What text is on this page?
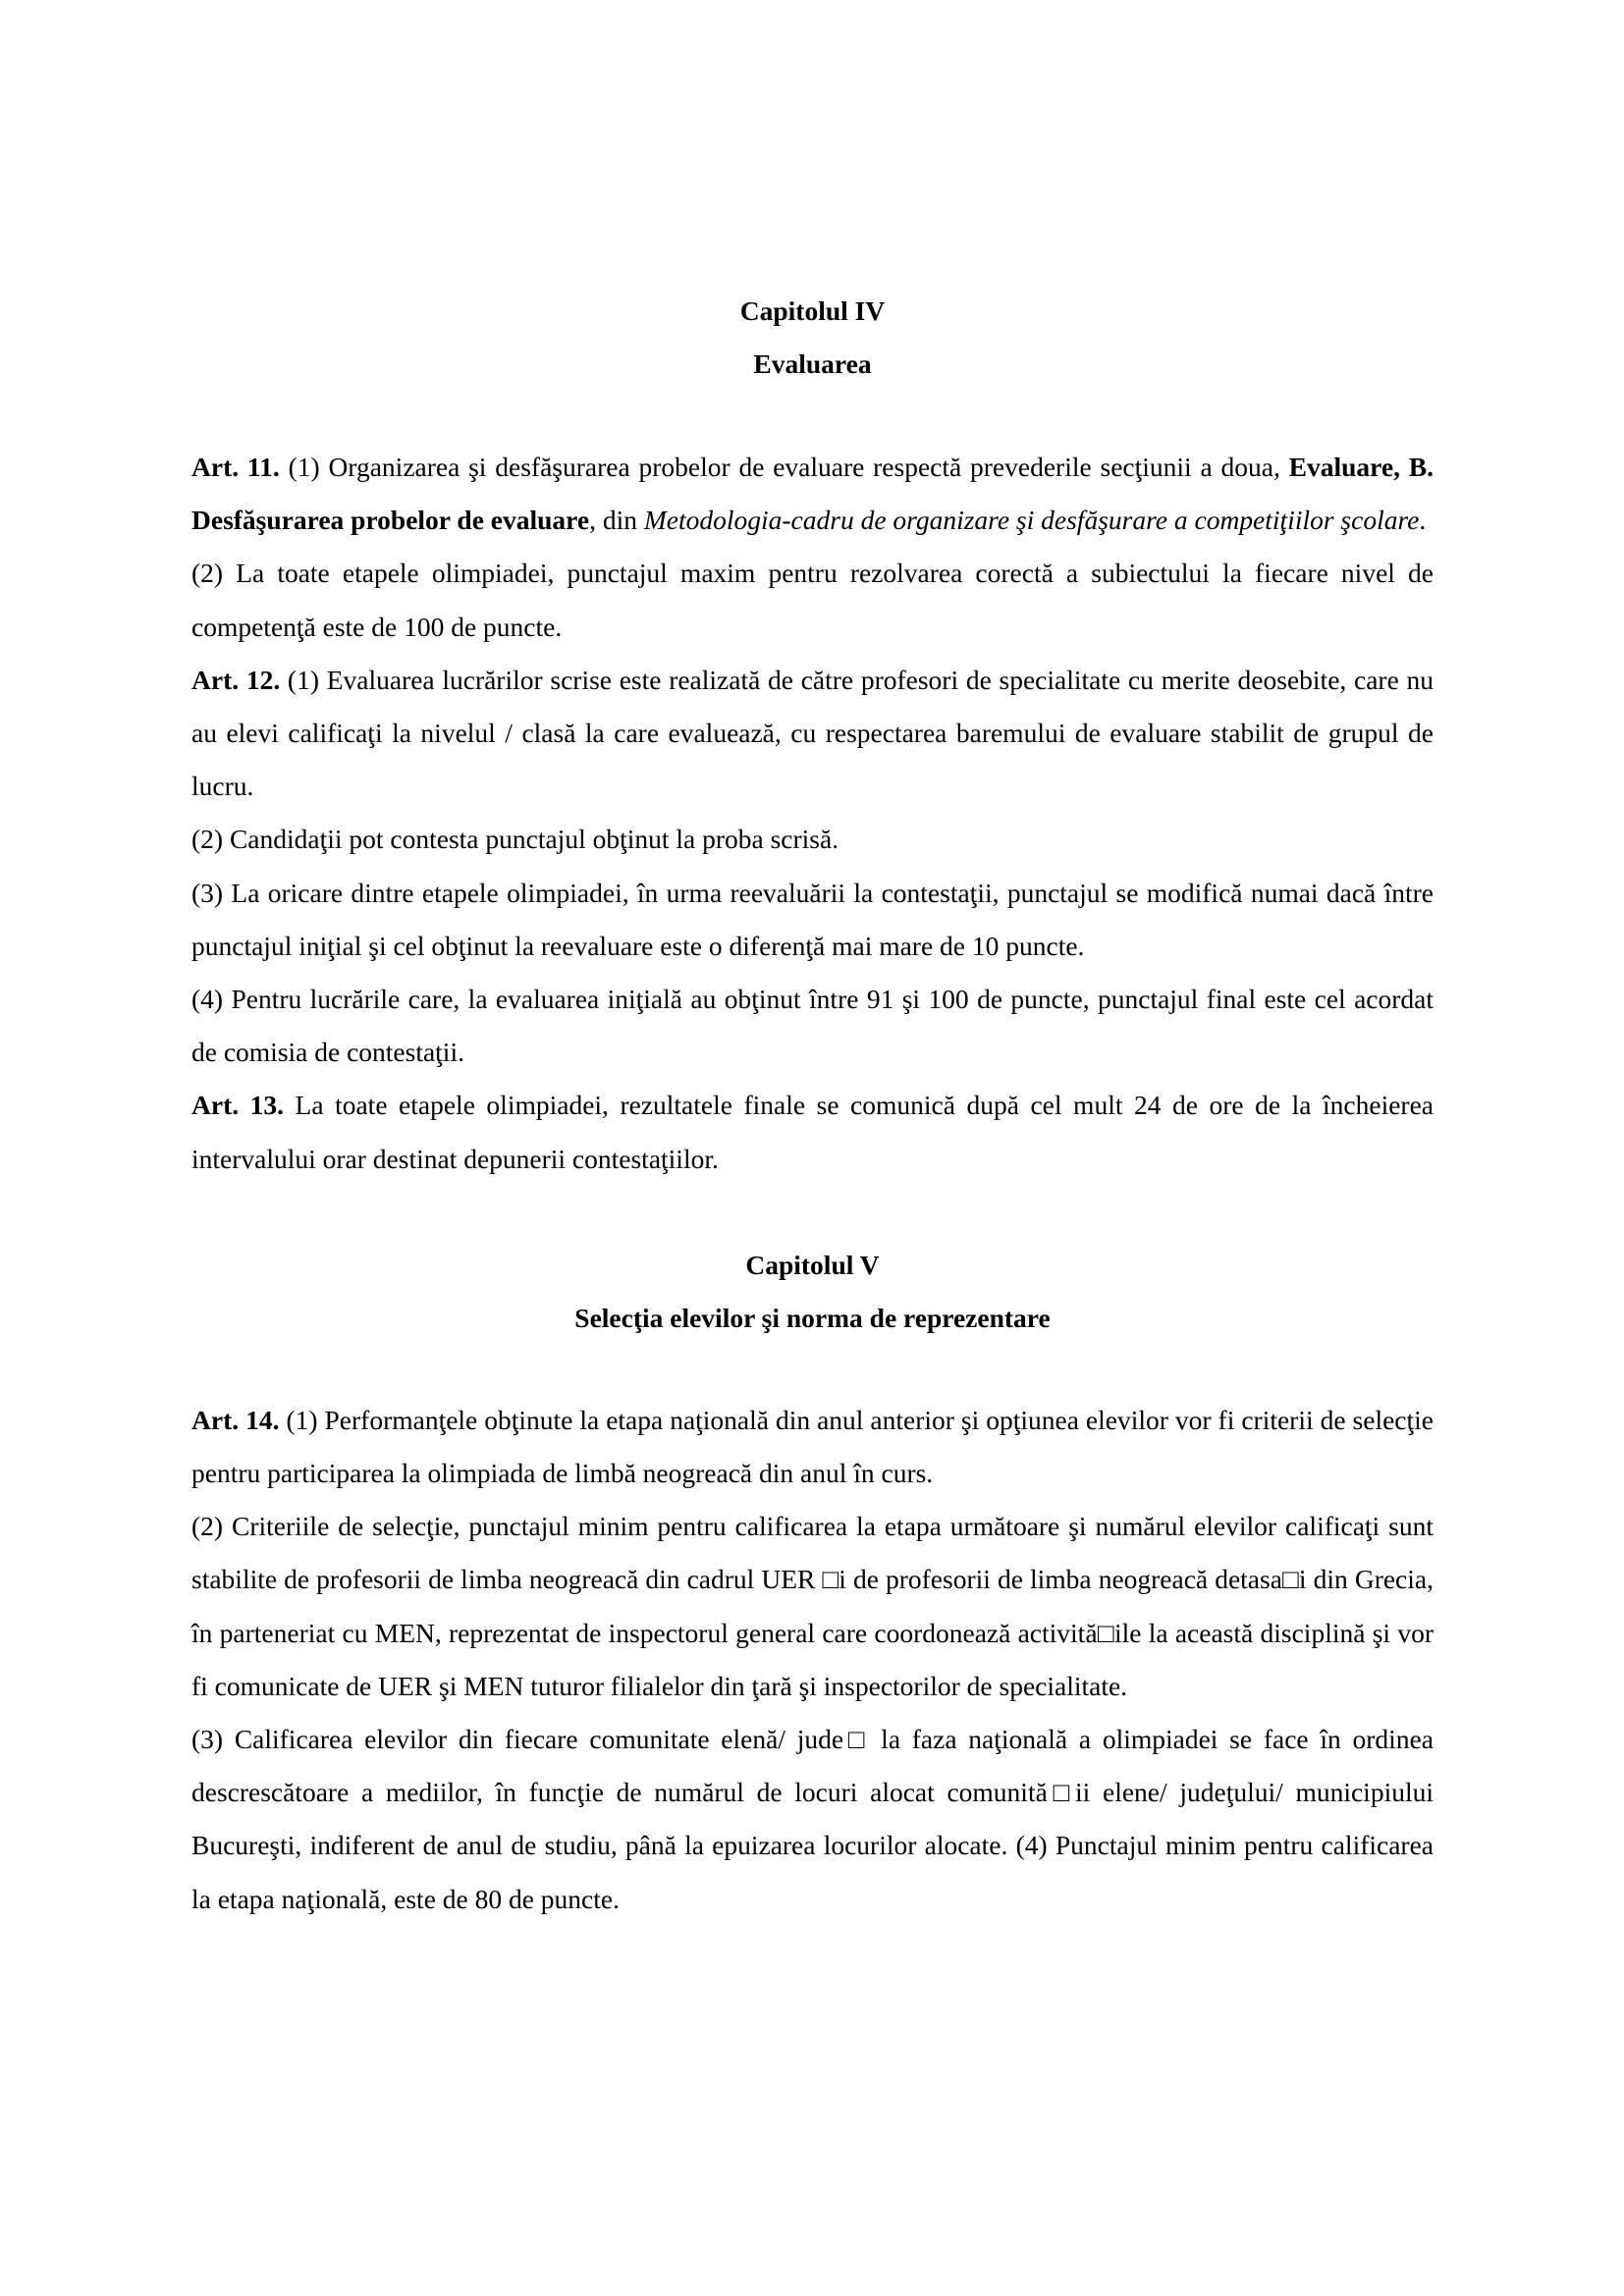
Capitolul IV

Evaluarea

Art. 11. (1) Organizarea şi desfăşurarea probelor de evaluare respectă prevederile secţiunii a doua, Evaluare, B. Desfăşurarea probelor de evaluare, din Metodologia-cadru de organizare şi desfăşurare a competiţiilor şcolare.

(2) La toate etapele olimpiadei, punctajul maxim pentru rezolvarea corectă a subiectului la fiecare nivel de competenţă este de 100 de puncte.

Art. 12. (1) Evaluarea lucrărilor scrise este realizată de către profesori de specialitate cu merite deosebite, care nu au elevi calificaţi la nivelul / clasă la care evaluează, cu respectarea baremului de evaluare stabilit de grupul de lucru.

(2) Candidaţii pot contesta punctajul obţinut la proba scrisă.

(3) La oricare dintre etapele olimpiadei, în urma reevaluării la contestaţii, punctajul se modifică numai dacă între punctajul iniţial şi cel obţinut la reevaluare este o diferenţă mai mare de 10 puncte.

(4) Pentru lucrările care, la evaluarea iniţială au obţinut între 91 şi 100 de puncte, punctajul final este cel acordat de comisia de contestaţii.

Art. 13. La toate etapele olimpiadei, rezultatele finale se comunică după cel mult 24 de ore de la încheierea intervalului orar destinat depunerii contestaţiilor.

Capitolul V

Selecţia elevilor şi norma de reprezentare

Art. 14. (1) Performanţele obţinute la etapa naţională din anul anterior şi opţiunea elevilor vor fi criterii de selecţie pentru participarea la olimpiada de limbă neogreacă din anul în curs.

(2) Criteriile de selecţie, punctajul minim pentru calificarea la etapa următoare şi numărul elevilor calificaţi sunt stabilite de profesorii de limba neogreacă din cadrul UER □i de profesorii de limba neogreacă detasa□i din Grecia, în parteneriat cu MEN, reprezentat de inspectorul general care coordonează activită□ile la această disciplină şi vor fi comunicate de UER şi MEN tuturor filialelor din ţară şi inspectorilor de specialitate.

(3) Calificarea elevilor din fiecare comunitate elenă/ jude□ la faza naţională a olimpiadei se face în ordinea descrescătoare a mediilor, în funcţie de numărul de locuri alocat comunită□ii elene/ judeţului/ municipiului Bucureşti, indiferent de anul de studiu, până la epuizarea locurilor alocate. (4) Punctajul minim pentru calificarea la etapa naţională, este de 80 de puncte.
